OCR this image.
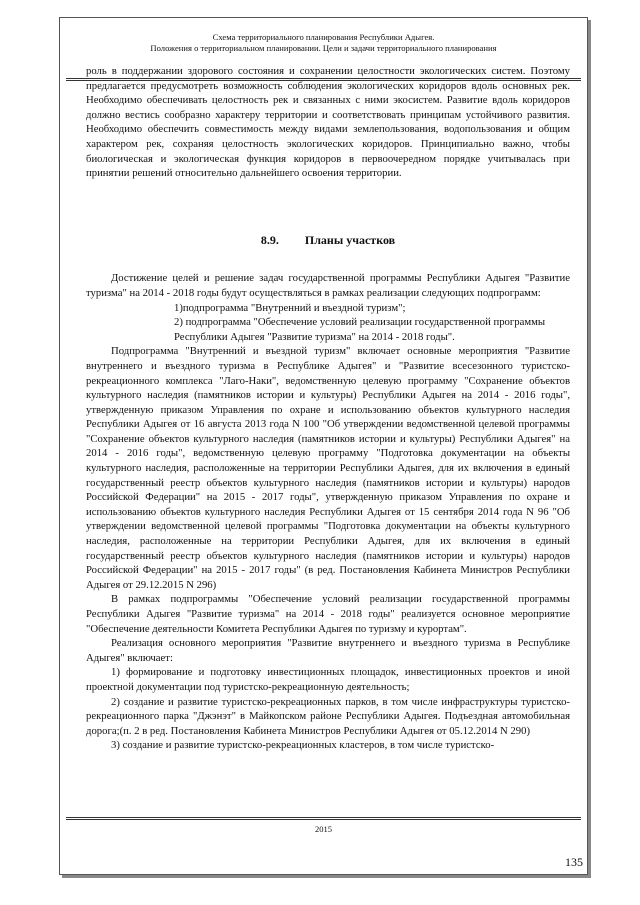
Схема территориального планирования Республики Адыгея.
Положения о территориальном планировании. Цели и задачи территориального планирования
2015
135

роль в поддержании здорового состояния и сохранении целостности экологических систем. Поэтому предлагается предусмотреть возможность соблюдения экологических коридоров вдоль основных рек. Необходимо обеспечивать целостность рек и связанных с ними экосистем. Развитие вдоль коридоров должно вестись сообразно характеру территории и соответствовать принципам устойчивого развития. Необходимо обеспечить совместимость между видами землепользования, водопользования и общим характером рек, сохраняя целостность экологических коридоров. Принципиально важно, чтобы биологическая и экологическая функция коридоров в первоочередном порядке учитывалась при принятии решений относительно дальнейшего освоения территории.

8.9. Планы участков

Достижение целей и решение задач государственной программы Республики Адыгея "Развитие туризма" на 2014 - 2018 годы будут осуществляться в рамках реализации следующих подпрограмм:

1)подпрограмма "Внутренний и въездной туризм";

2) подпрограмма "Обеспечение условий реализации государственной программы Республики Адыгея "Развитие туризма" на 2014 - 2018 годы".

Подпрограмма "Внутренний и въездной туризм" включает основные мероприятия "Развитие внутреннего и въездного туризма в Республике Адыгея" и "Развитие всесезонного туристско-рекреационного комплекса "Лаго-Наки", ведомственную целевую программу "Сохранение объектов культурного наследия (памятников истории и культуры) Республики Адыгея на 2014 - 2016 годы", утвержденную приказом Управления по охране и использованию объектов культурного наследия Республики Адыгея от 16 августа 2013 года N 100 "Об утверждении ведомственной целевой программы "Сохранение объектов культурного наследия (памятников истории и культуры) Республики Адыгея" на 2014 - 2016 годы", ведомственную целевую программу "Подготовка документации на объекты культурного наследия, расположенные на территории Республики Адыгея, для их включения в единый государственный реестр объектов культурного наследия (памятников истории и культуры) народов Российской Федерации" на 2015 - 2017 годы", утвержденную приказом Управления по охране и использованию объектов культурного наследия Республики Адыгея от 15 сентября 2014 года N 96 "Об утверждении ведомственной целевой программы "Подготовка документации на объекты культурного наследия, расположенные на территории Республики Адыгея, для их включения в единый государственный реестр объектов культурного наследия (памятников истории и культуры) народов Российской Федерации" на 2015 - 2017 годы" (в ред. Постановления Кабинета Министров Республики Адыгея от 29.12.2015 N 296)

В рамках подпрограммы "Обеспечение условий реализации государственной программы Республики Адыгея "Развитие туризма" на 2014 - 2018 годы" реализуется основное мероприятие "Обеспечение деятельности Комитета Республики Адыгея по туризму и курортам".

Реализация основного мероприятия "Развитие внутреннего и въездного туризма в Республике Адыгея" включает:

1) формирование и подготовку инвестиционных площадок, инвестиционных проектов и иной проектной документации под туристско-рекреационную деятельность;

2) создание и развитие туристско-рекреационных парков, в том числе инфраструктуры туристско-рекреационного парка "Джэнэт" в Майкопском районе Республики Адыгея. Подъездная автомобильная дорога;(п. 2 в ред. Постановления Кабинета Министров Республики Адыгея от 05.12.2014 N 290)

3) создание и развитие туристско-рекреационных кластеров, в том числе туристско-
